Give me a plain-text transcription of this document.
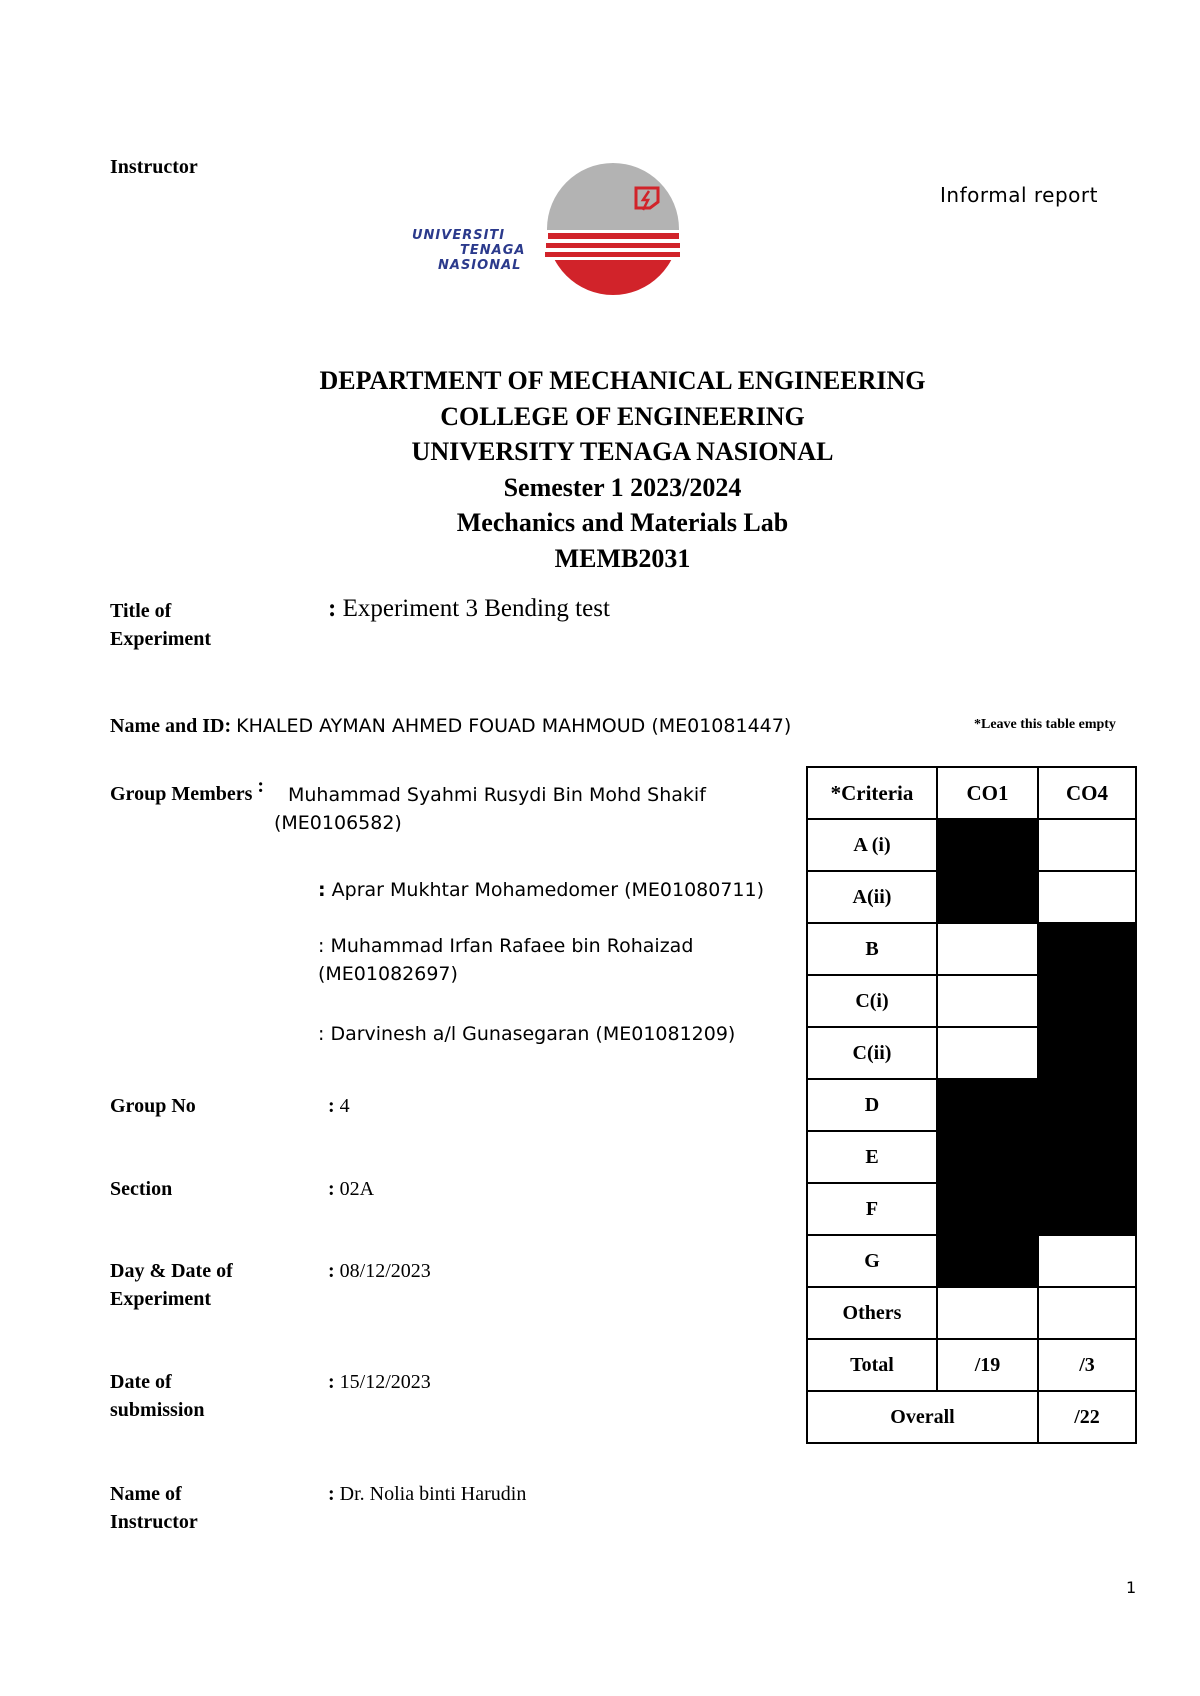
Instructor
Informal report
UNIVERSITI
TENAGA
NASIONAL
DEPARTMENT OF MECHANICAL ENGINEERING
COLLEGE OF ENGINEERING
UNIVERSITY TENAGA NASIONAL
Semester 1 2023/2024
Mechanics and Materials Lab
MEMB2031
Title of
Experiment
: Experiment 3 Bending test
Name and ID: KHALED AYMAN AHMED FOUAD MAHMOUD (ME01081447)	*Leave this table empty
Group Members : Muhammad Syahmi Rusydi Bin Mohd Shakif
(ME0106582)
: Aprar Mukhtar Mohamedomer (ME01080711)
: Muhammad Irfan Rafaee bin Rohaizad
(ME01082697)
: Darvinesh a/l Gunasegaran (ME01081209)
Group No	: 4
Section	: 02A
Day & Date of
Experiment
: 08/12/2023
Date of
submission
: 15/12/2023
Name of
Instructor
: Dr. Nolia binti Harudin
*Criteria	CO1	CO4
A (i)		
A(ii)		
B		
C(i)		
C(ii)		
D		
E		
F		
G		
Others		
Total	/19	/3
Overall		/22
1
